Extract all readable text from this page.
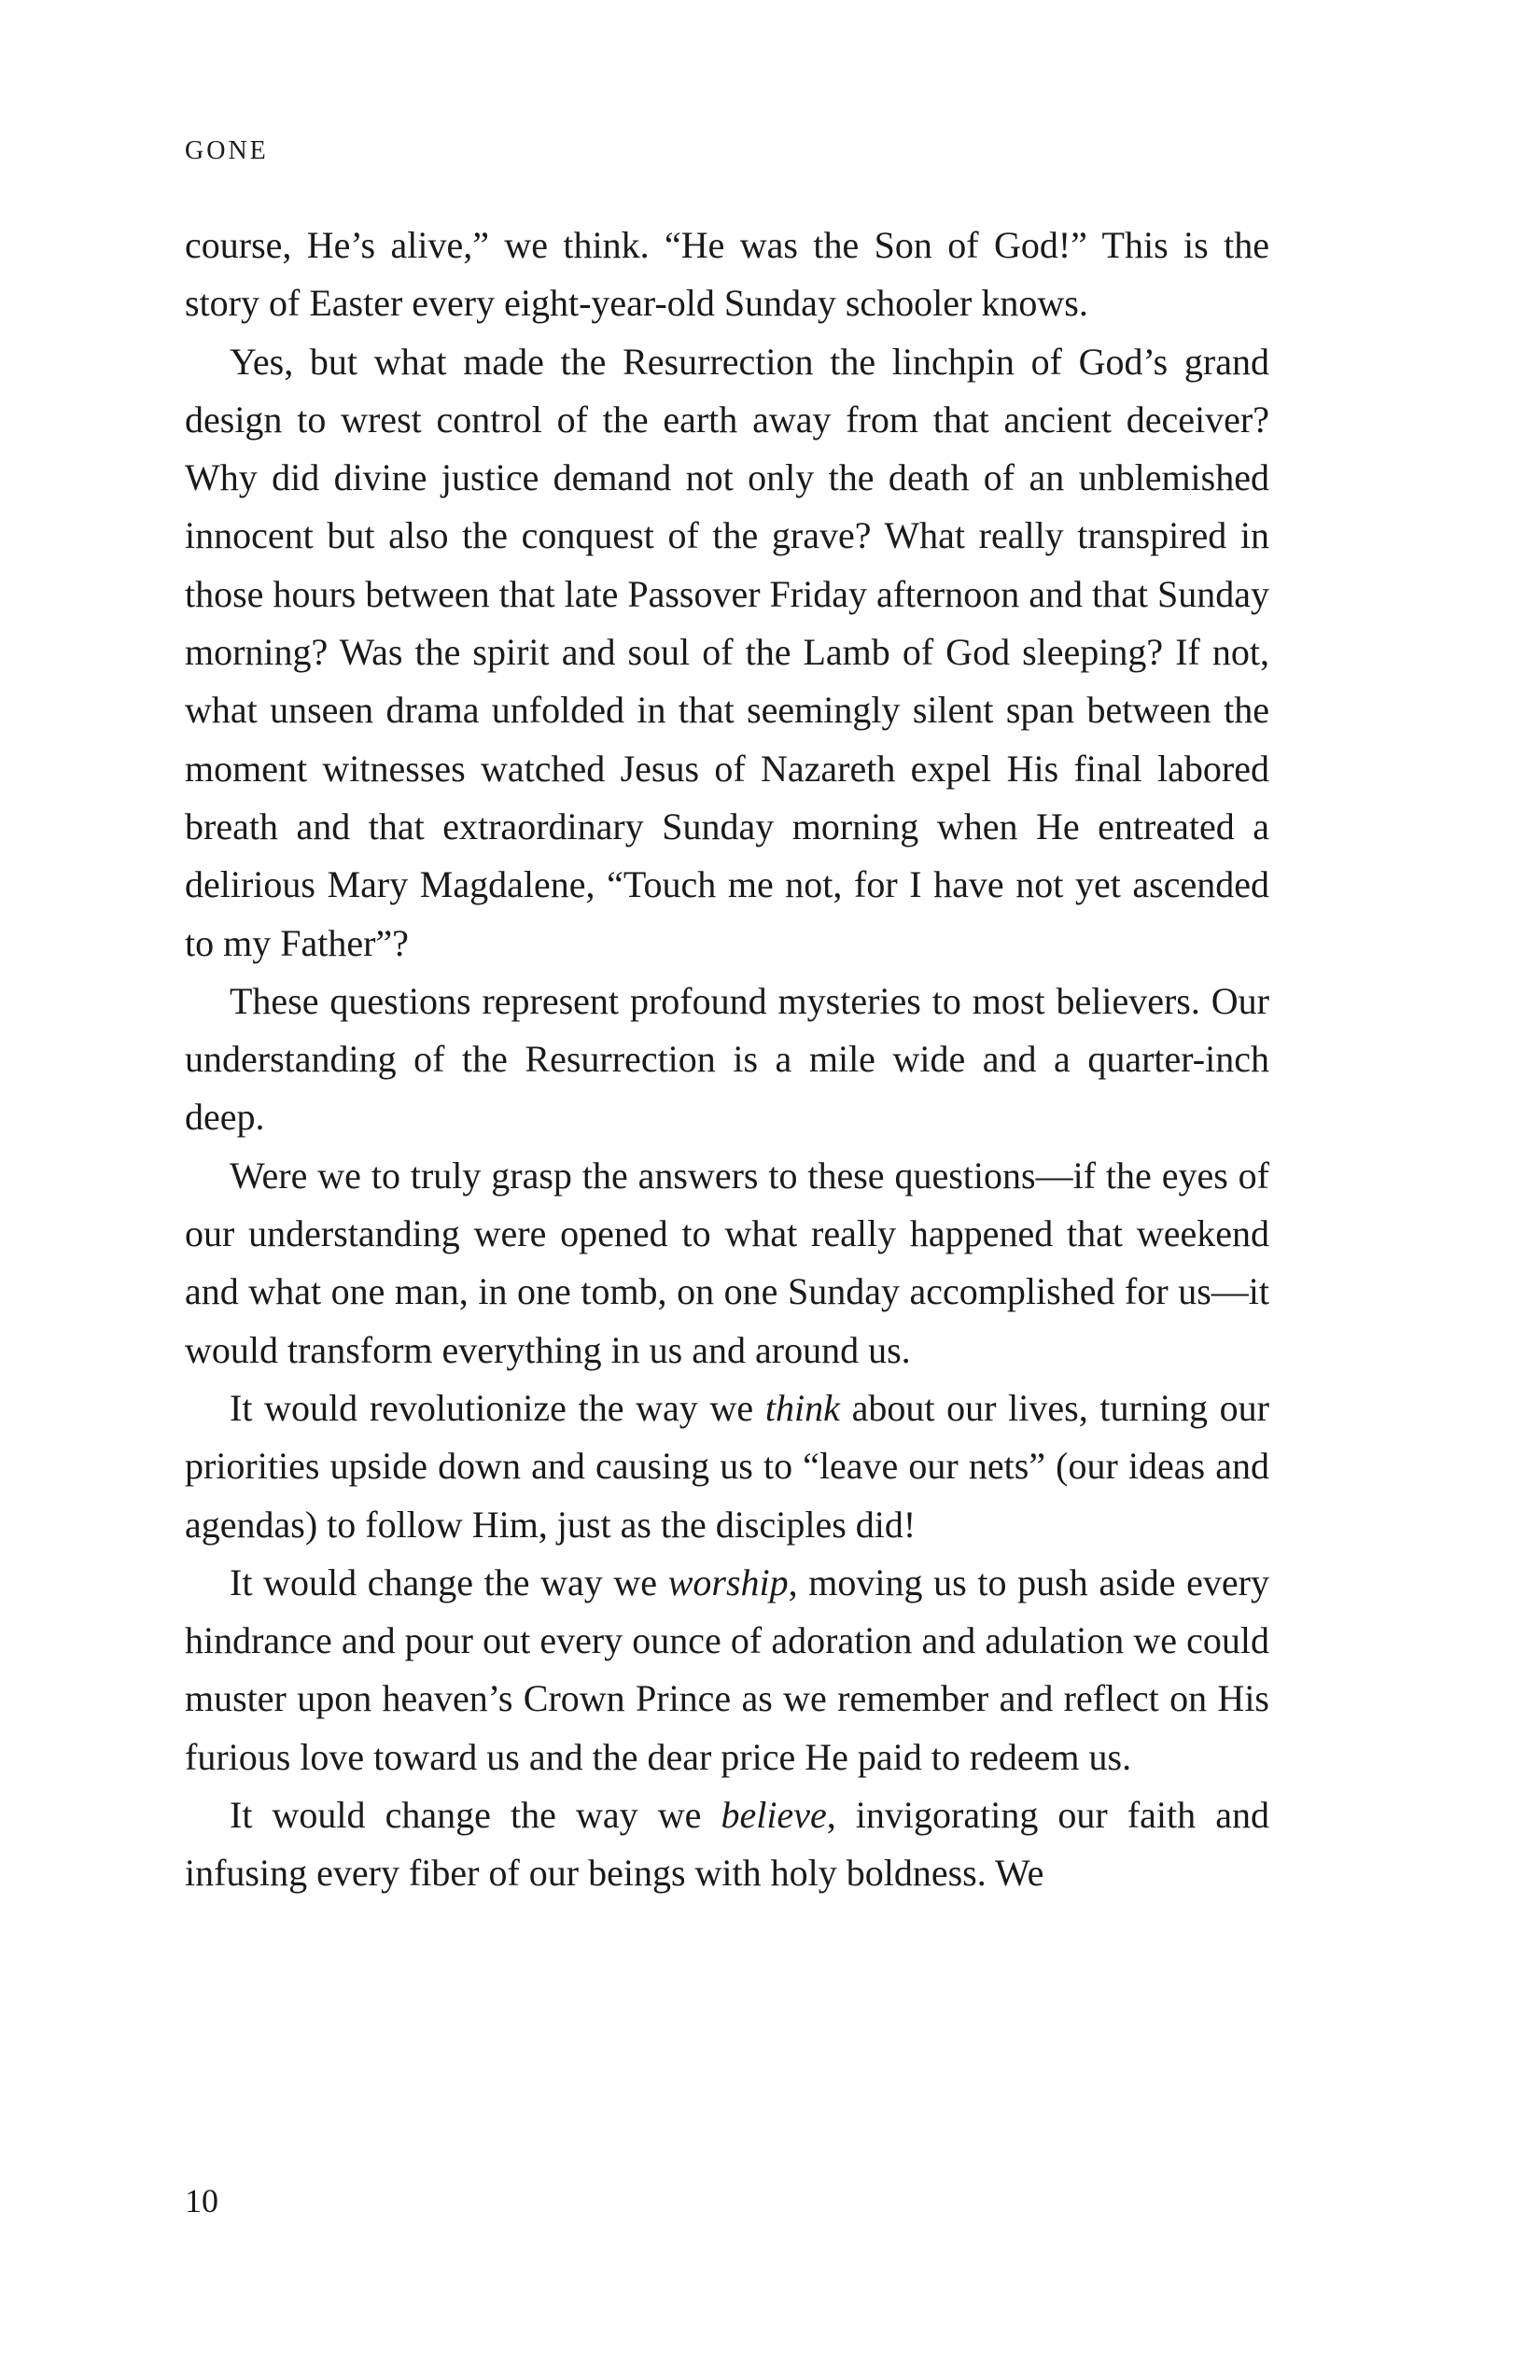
GONE

course, He’s alive,” we think. “He was the Son of God!” This is the story of Easter every eight-year-old Sunday schooler knows.

Yes, but what made the Resurrection the linchpin of God’s grand design to wrest control of the earth away from that ancient deceiver? Why did divine justice demand not only the death of an unblemished innocent but also the conquest of the grave? What really transpired in those hours between that late Passover Friday afternoon and that Sunday morning? Was the spirit and soul of the Lamb of God sleeping? If not, what unseen drama unfolded in that seemingly silent span between the moment witnesses watched Jesus of Nazareth expel His final labored breath and that extraordinary Sunday morning when He entreated a delirious Mary Magdalene, “Touch me not, for I have not yet ascended to my Father”?

These questions represent profound mysteries to most believers. Our understanding of the Resurrection is a mile wide and a quarter-inch deep.

Were we to truly grasp the answers to these questions—if the eyes of our understanding were opened to what really happened that weekend and what one man, in one tomb, on one Sunday accomplished for us—it would transform everything in us and around us.

It would revolutionize the way we think about our lives, turning our priorities upside down and causing us to “leave our nets” (our ideas and agendas) to follow Him, just as the disciples did!

It would change the way we worship, moving us to push aside every hindrance and pour out every ounce of adoration and adulation we could muster upon heaven’s Crown Prince as we remember and reflect on His furious love toward us and the dear price He paid to redeem us.

It would change the way we believe, invigorating our faith and infusing every fiber of our beings with holy boldness. We

10
